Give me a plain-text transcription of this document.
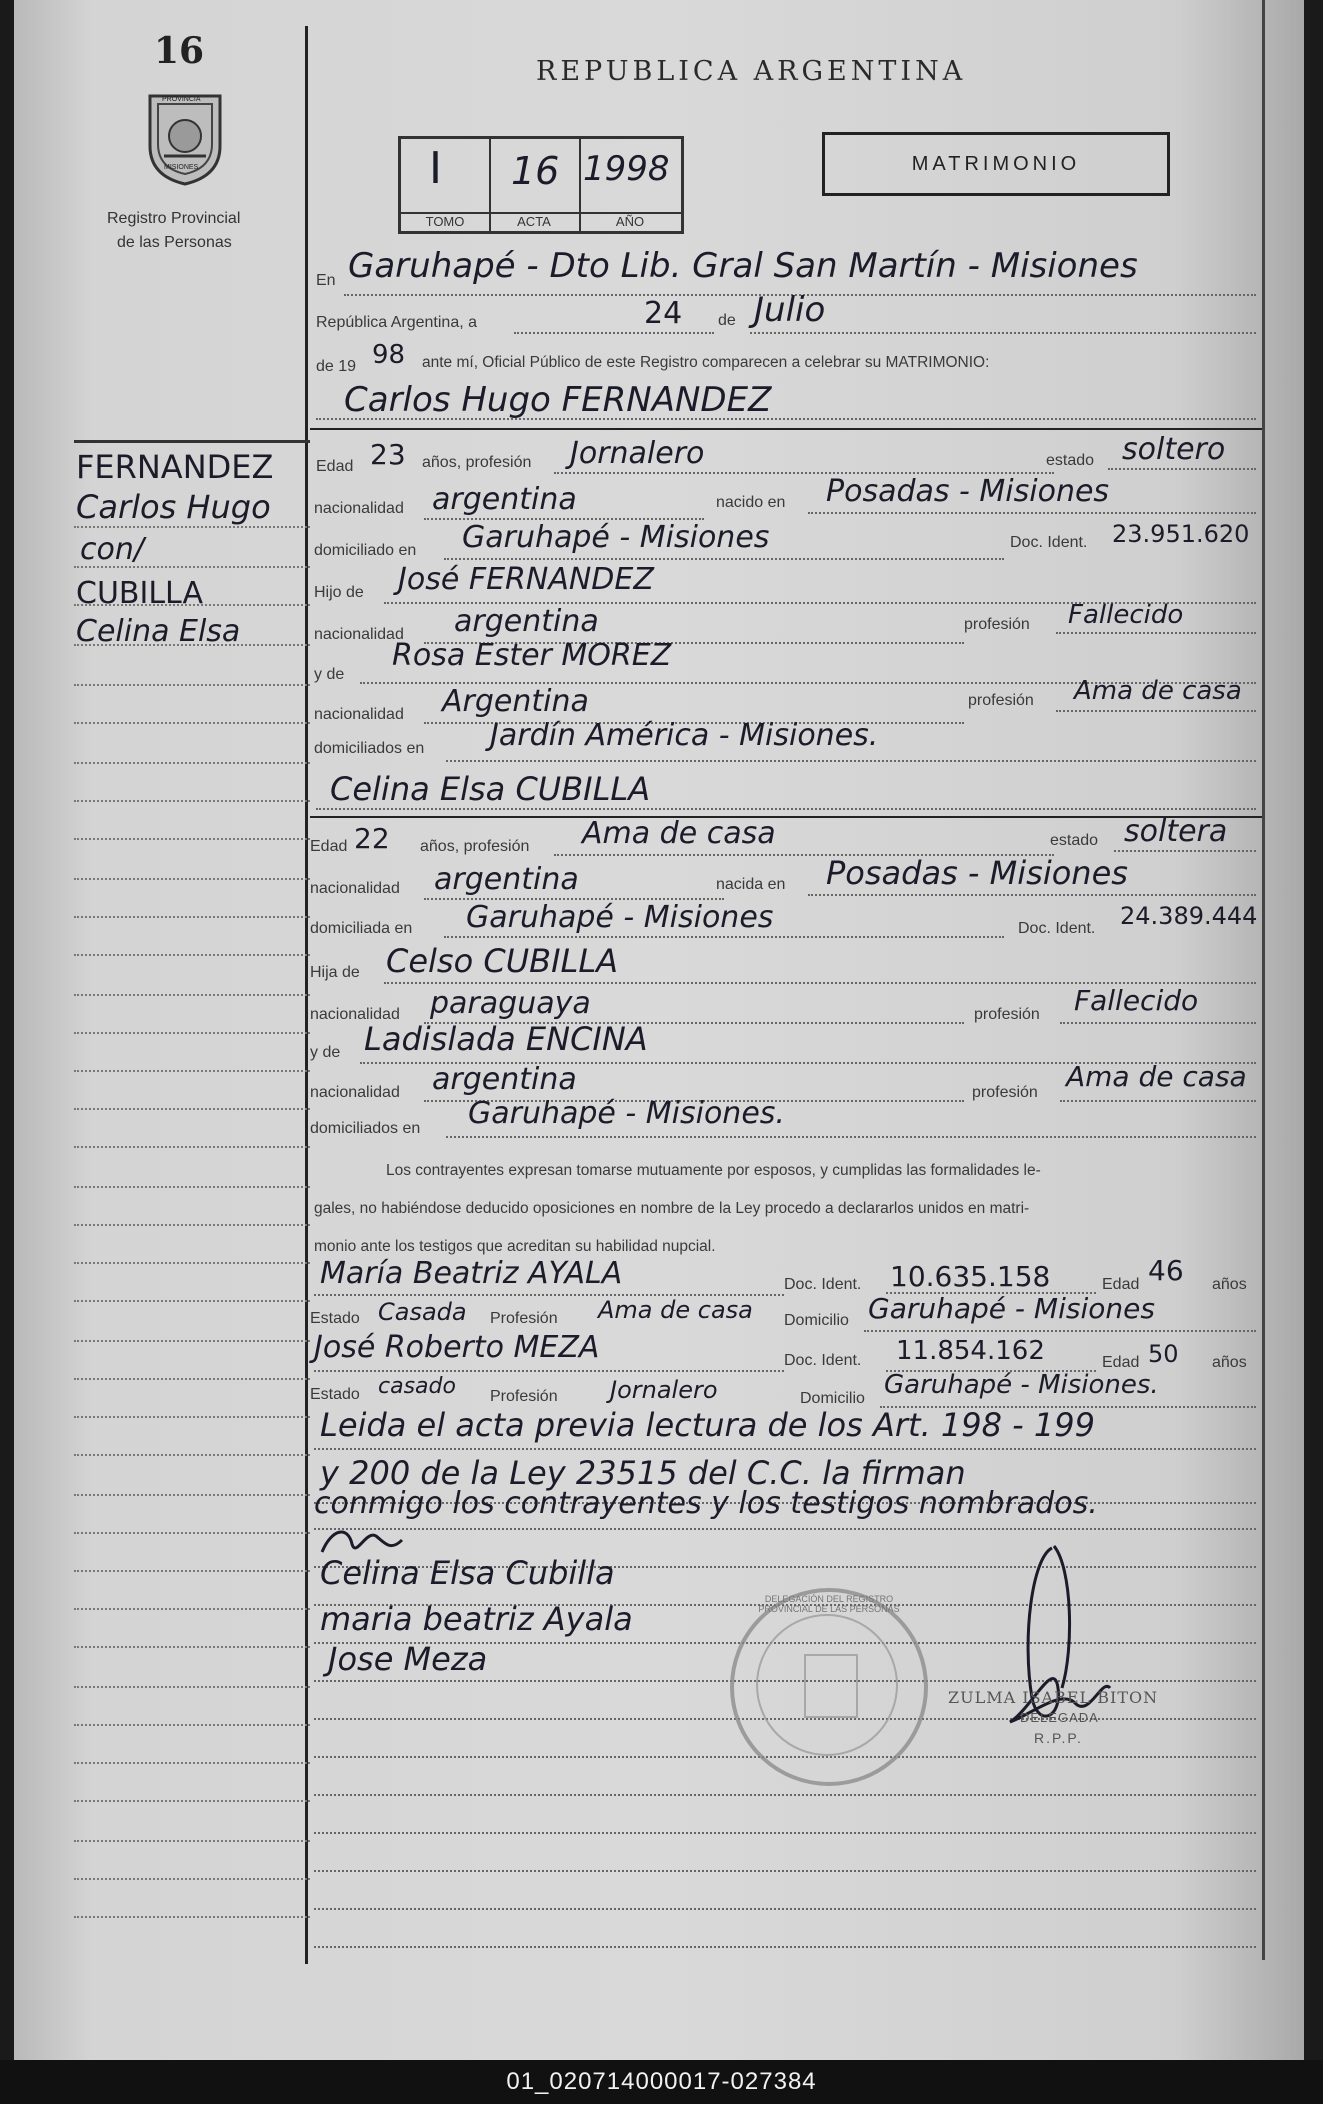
16
PROVINCIA
MISIONES
Registro Provincial
de las Personas
REPUBLICA ARGENTINA
I
TOMO
16
ACTA
1998
AÑO
MATRIMONIO
FERNANDEZ
Carlos Hugo
con/
CUBILLA
Celina Elsa
En Garuhapé - Dto Lib. Gral San Martín - Misiones
República Argentina, a	24 de Julio
de 19 98 ante mí, Oficial Público de este Registro comparecen a celebrar su MATRIMONIO:
Carlos Hugo FERNANDEZ
Edad 23 años, profesión Jornalero	estado soltero
nacionalidad argentina	nacido en Posadas - Misiones
domiciliado en Garuhapé - Misiones	Doc. Ident. 23.951.620
Hijo de José FERNANDEZ
nacionalidad argentina	profesión Fallecido
y de
Rosa Ester MOREZ
nacionalidad Argentina	profesión Ama de casa
domiciliados en Jardín América - Misiones.
Celina Elsa CUBILLA
Edad 22 años, profesión Ama de casa	estado soltera
nacionalidad argentina	nacida en Posadas - Misiones
domiciliada en Garuhapé - Misiones	Doc. Ident. 24.389.444
Hija de Celso CUBILLA
nacionalidad paraguaya	profesión Fallecido
y de Ladislada ENCINA
nacionalidad argentina	profesión Ama de casa
domiciliados en Garuhapé - Misiones.
Los contrayentes expresan tomarse mutuamente por esposos, y cumplidas las formalidades le-
gales, no habiéndose deducido oposiciones en nombre de la Ley procedo a declararlos unidos en matri-
monio ante los testigos que acreditan su habilidad nupcial.
María Beatriz AYALA	Doc. Ident. 10.635.158	Edad 46 años
Estado Casada Profesión Ama de casa Domicilio Garuhapé - Misiones
José Roberto MEZA	Doc. Ident. 11.854.162	Edad 50 años
Estado casado Profesión Jornalero	Domicilio Garuhapé - Misiones.
Leida el acta previa lectura de los Art. 198 - 199
y 200 de la Ley 23515 del C.C. la firman
conmigo los contrayentes y los testigos nombrados.
Celina Elsa Cubilla
maria beatriz Ayala
Jose Meza
DELEGACIÓN DEL REGISTRO PROVINCIAL DE LAS PERSONAS
ZULMA ISABEL BITON
DELEGADA
R.P.P.
01_020714000017-027384
